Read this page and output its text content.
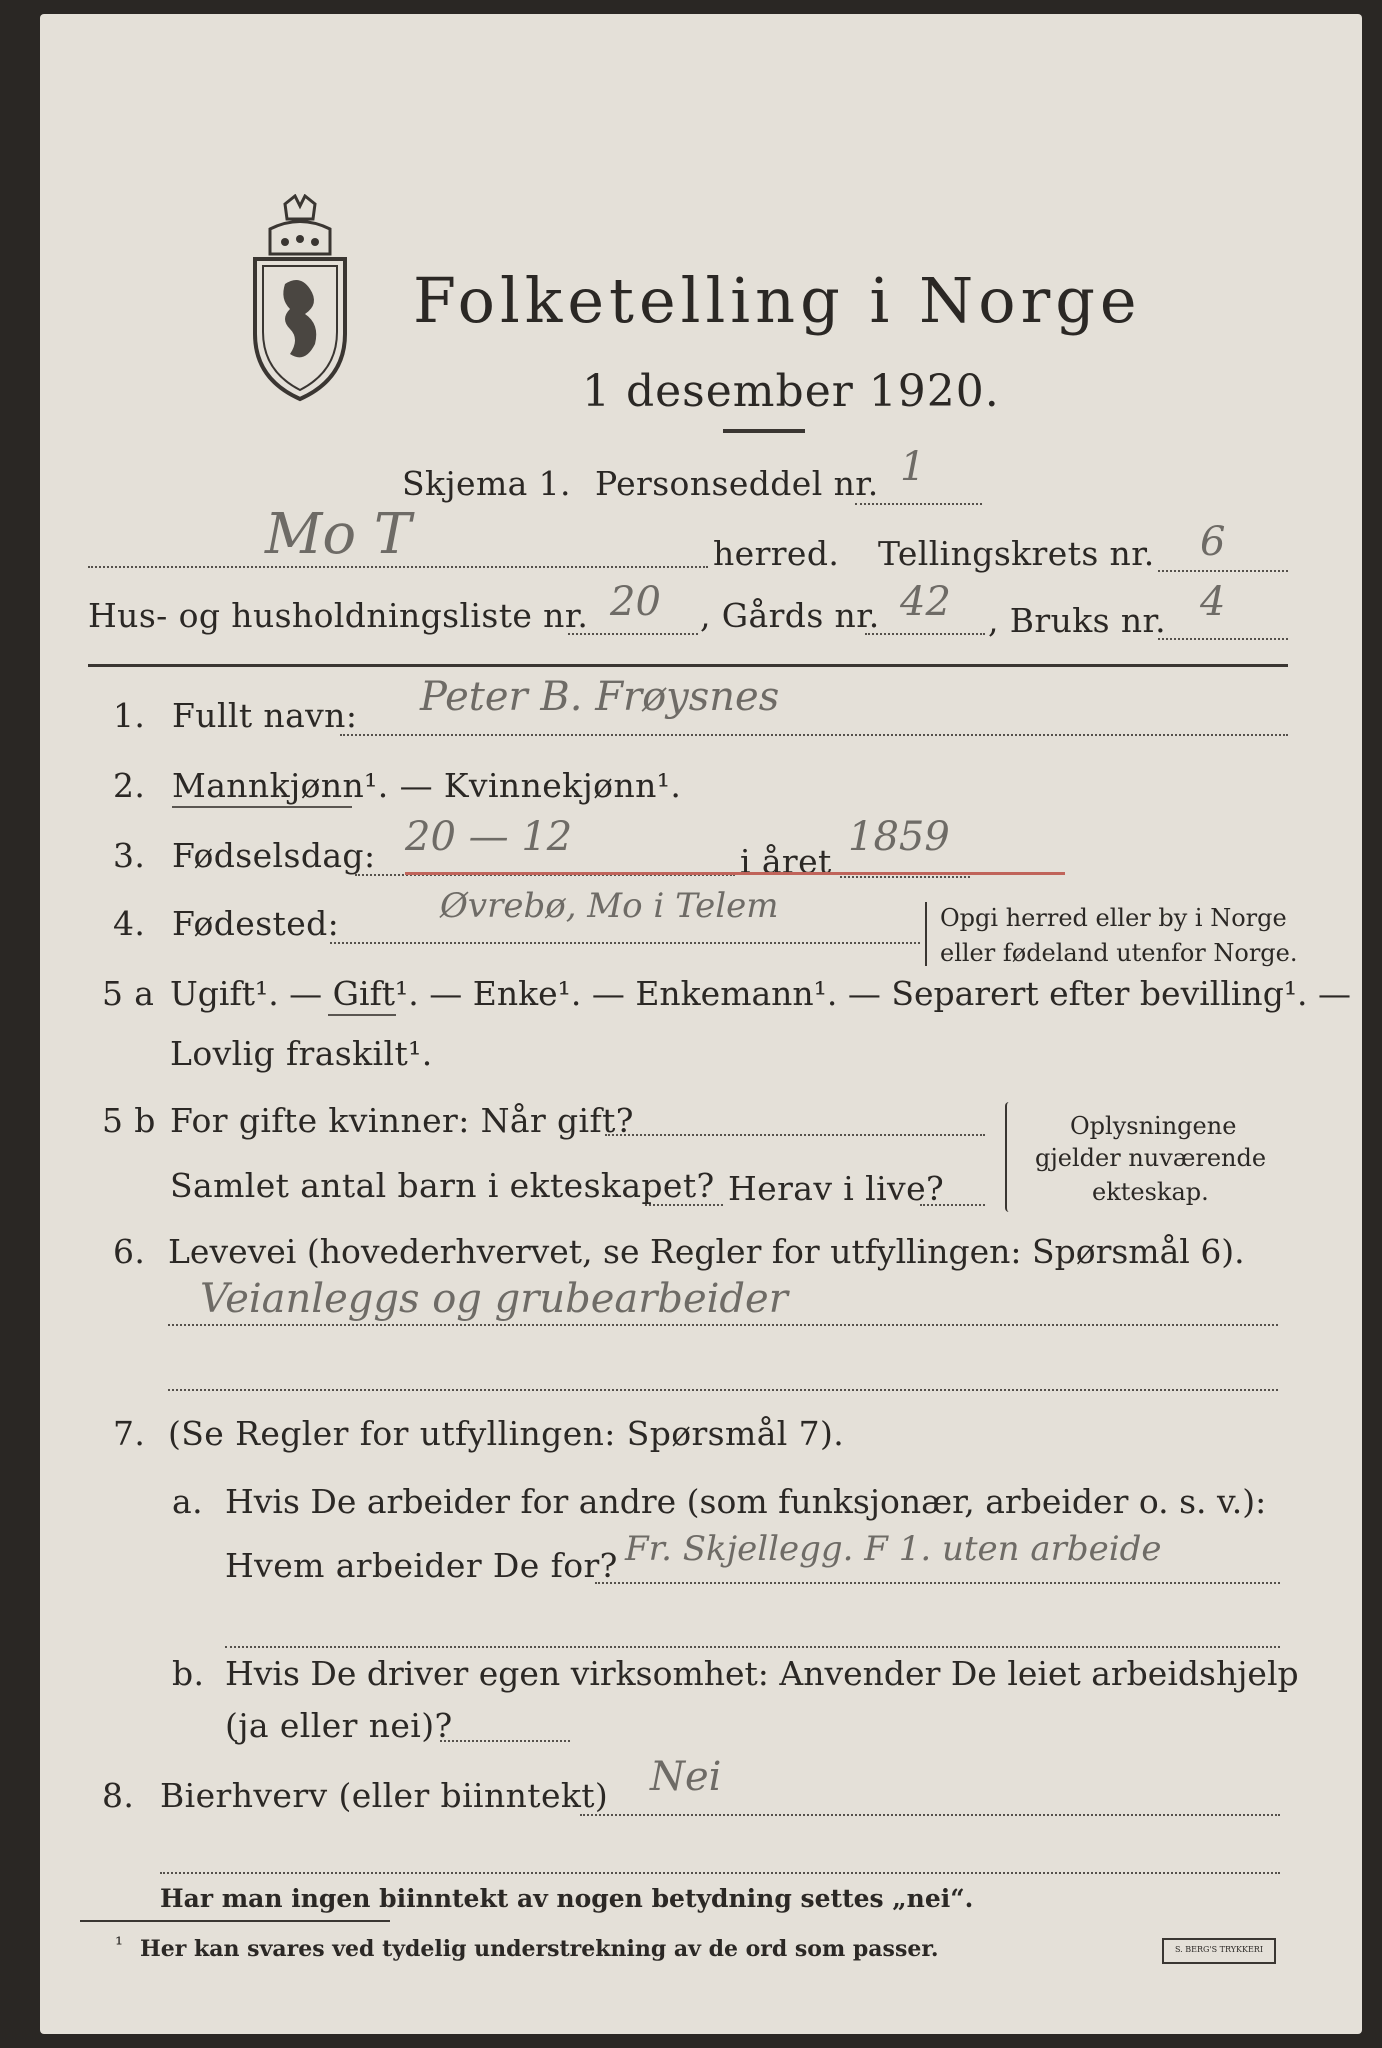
Folketelling i Norge
1 desember 1920.
Skjema 1. Personseddel nr. 1
Mo T	herred. Tellingskrets nr. 6
Hus- og husholdningsliste nr. 20 , Gårds nr. 42 , Bruks nr. 4
1. Fullt navn: Peter B. Frøysnes
2. Mannkjønn¹. — Kvinnekjønn¹.
3. Fødselsdag: 20 — 12
i året
1859
4. Fødested:	Øvrebø, Mo i Telem	Opgi herred eller by i Norge
eller fødeland utenfor Norge.
5 a Ugift¹. — Gift¹. — Enke¹. — Enkemann¹. — Separert efter bevilling¹. —
Lovlig fraskilt¹.
5 b For gifte kvinner: Når gift?
Samlet antal barn i ekteskapet? Herav i live?
Oplysningene
gjelder nuværende
ekteskap.
6. Levevei (hovederhvervet, se Regler for utfyllingen: Spørsmål 6).
Veianleggs og grubearbeider
7. (Se Regler for utfyllingen: Spørsmål 7).
a. Hvis De arbeider for andre (som funksjonær, arbeider o. s. v.):
Hvem arbeider De for? Fr. Skjellegg. F 1. uten arbeide
b. Hvis De driver egen virksomhet: Anvender De leiet arbeidshjelp
(ja eller nei)?
8. Bierhverv (eller biinntekt) Nei
Har man ingen biinntekt av nogen betydning settes „nei“.
¹ Her kan svares ved tydelig understrekning av de ord som passer.	S. BERG'S TRYKKERI
